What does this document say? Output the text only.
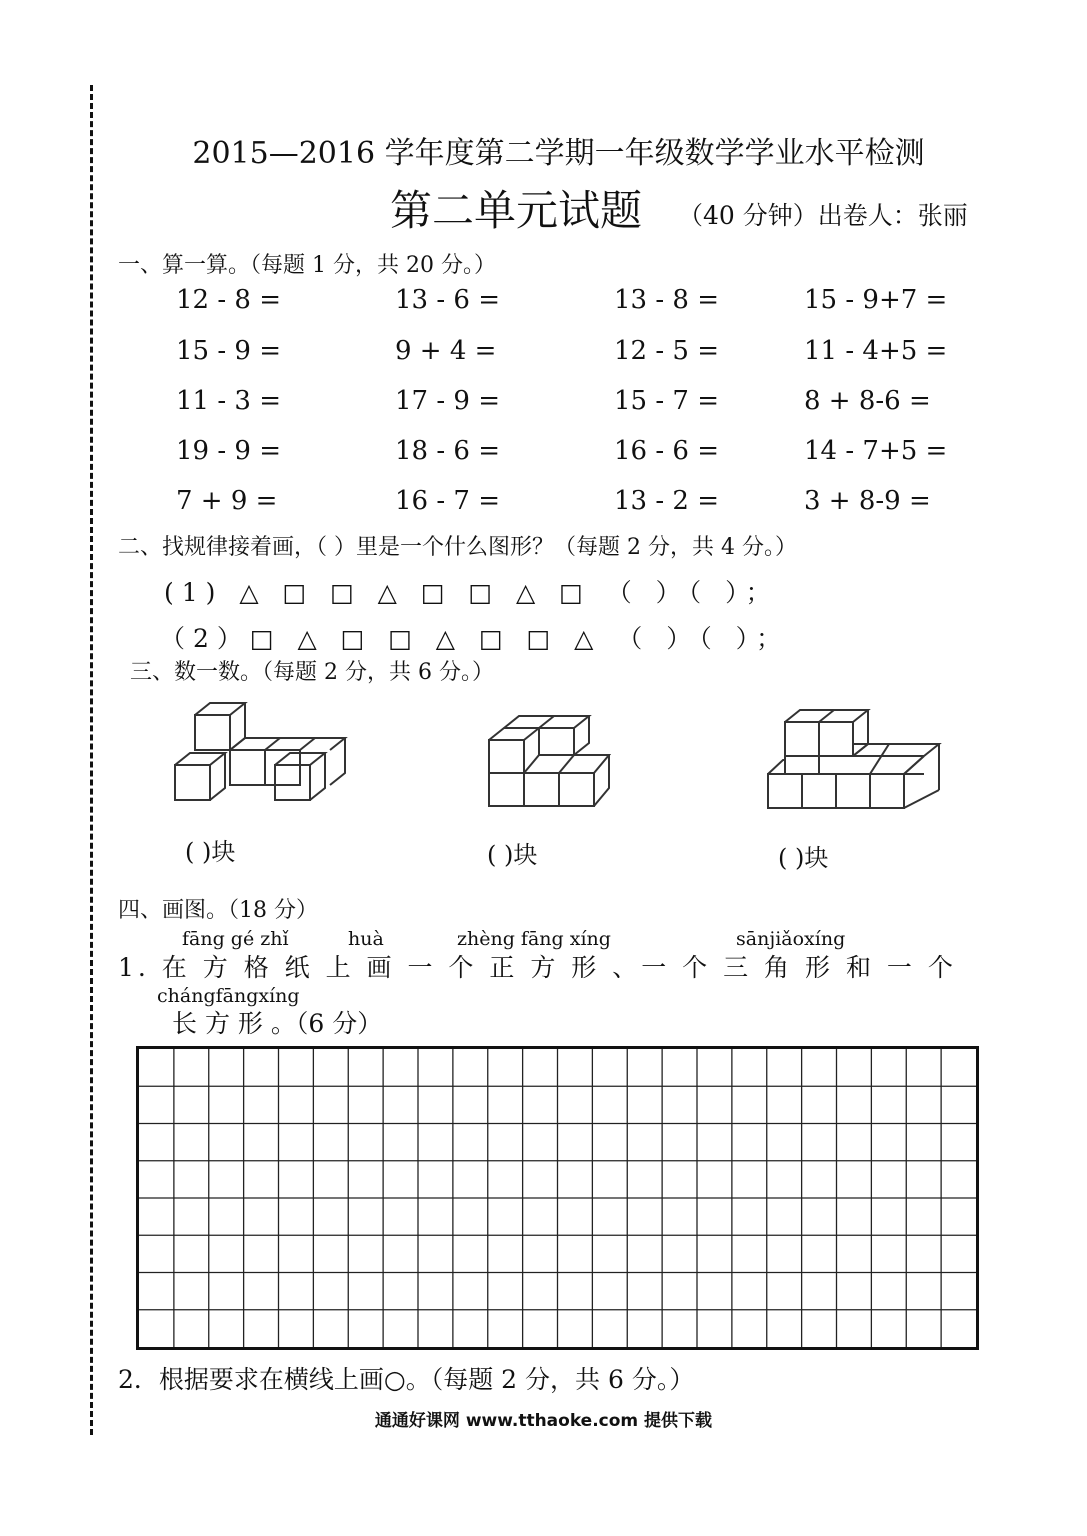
2015—2016 学年度第二学期一年级数学学业水平检测
第二单元试题 （40 分钟）出卷人：张丽
一、算一算。（每题 1 分，共 20 分。）
12 - 8 =	13 - 6 =	13 - 8 =	15 - 9+7 =
15 - 9 =	9 + 4 =	12 - 5 =	11 - 4+5 =
11 - 3 =	17 - 9 =	15 - 7 =	8 + 8-6 =
19 - 9 =	18 - 6 =	16 - 6 =	14 - 7+5 =
7 + 9 =	16 - 7 =	13 - 2 =	3 + 8-9 =
二、找规律接着画，（ ）里是一个什么图形？（每题 2 分，共 4 分。）
(1) △ □ □ △ □ □ △ □ （ ）（ ）；
（2）□ △ □ □ △ □ □ △ （ ）（ ）；
三、数一数。（每题 2 分，共 6 分。）
( )块	( )块	( )块
四、画图。（18 分）
fāng gé zhǐ	huà	zhèng fāng xíng	sānjiǎoxíng
1. 在 方 格 纸 上 画 一 个 正 方 形 、一 个 三 角 形 和 一 个
chángfāngxíng
长 方 形 。（6 分）
2．根据要求在横线上画○。（每题 2 分，共 6 分。）
通通好课网 www.tthaoke.com 提供下载
